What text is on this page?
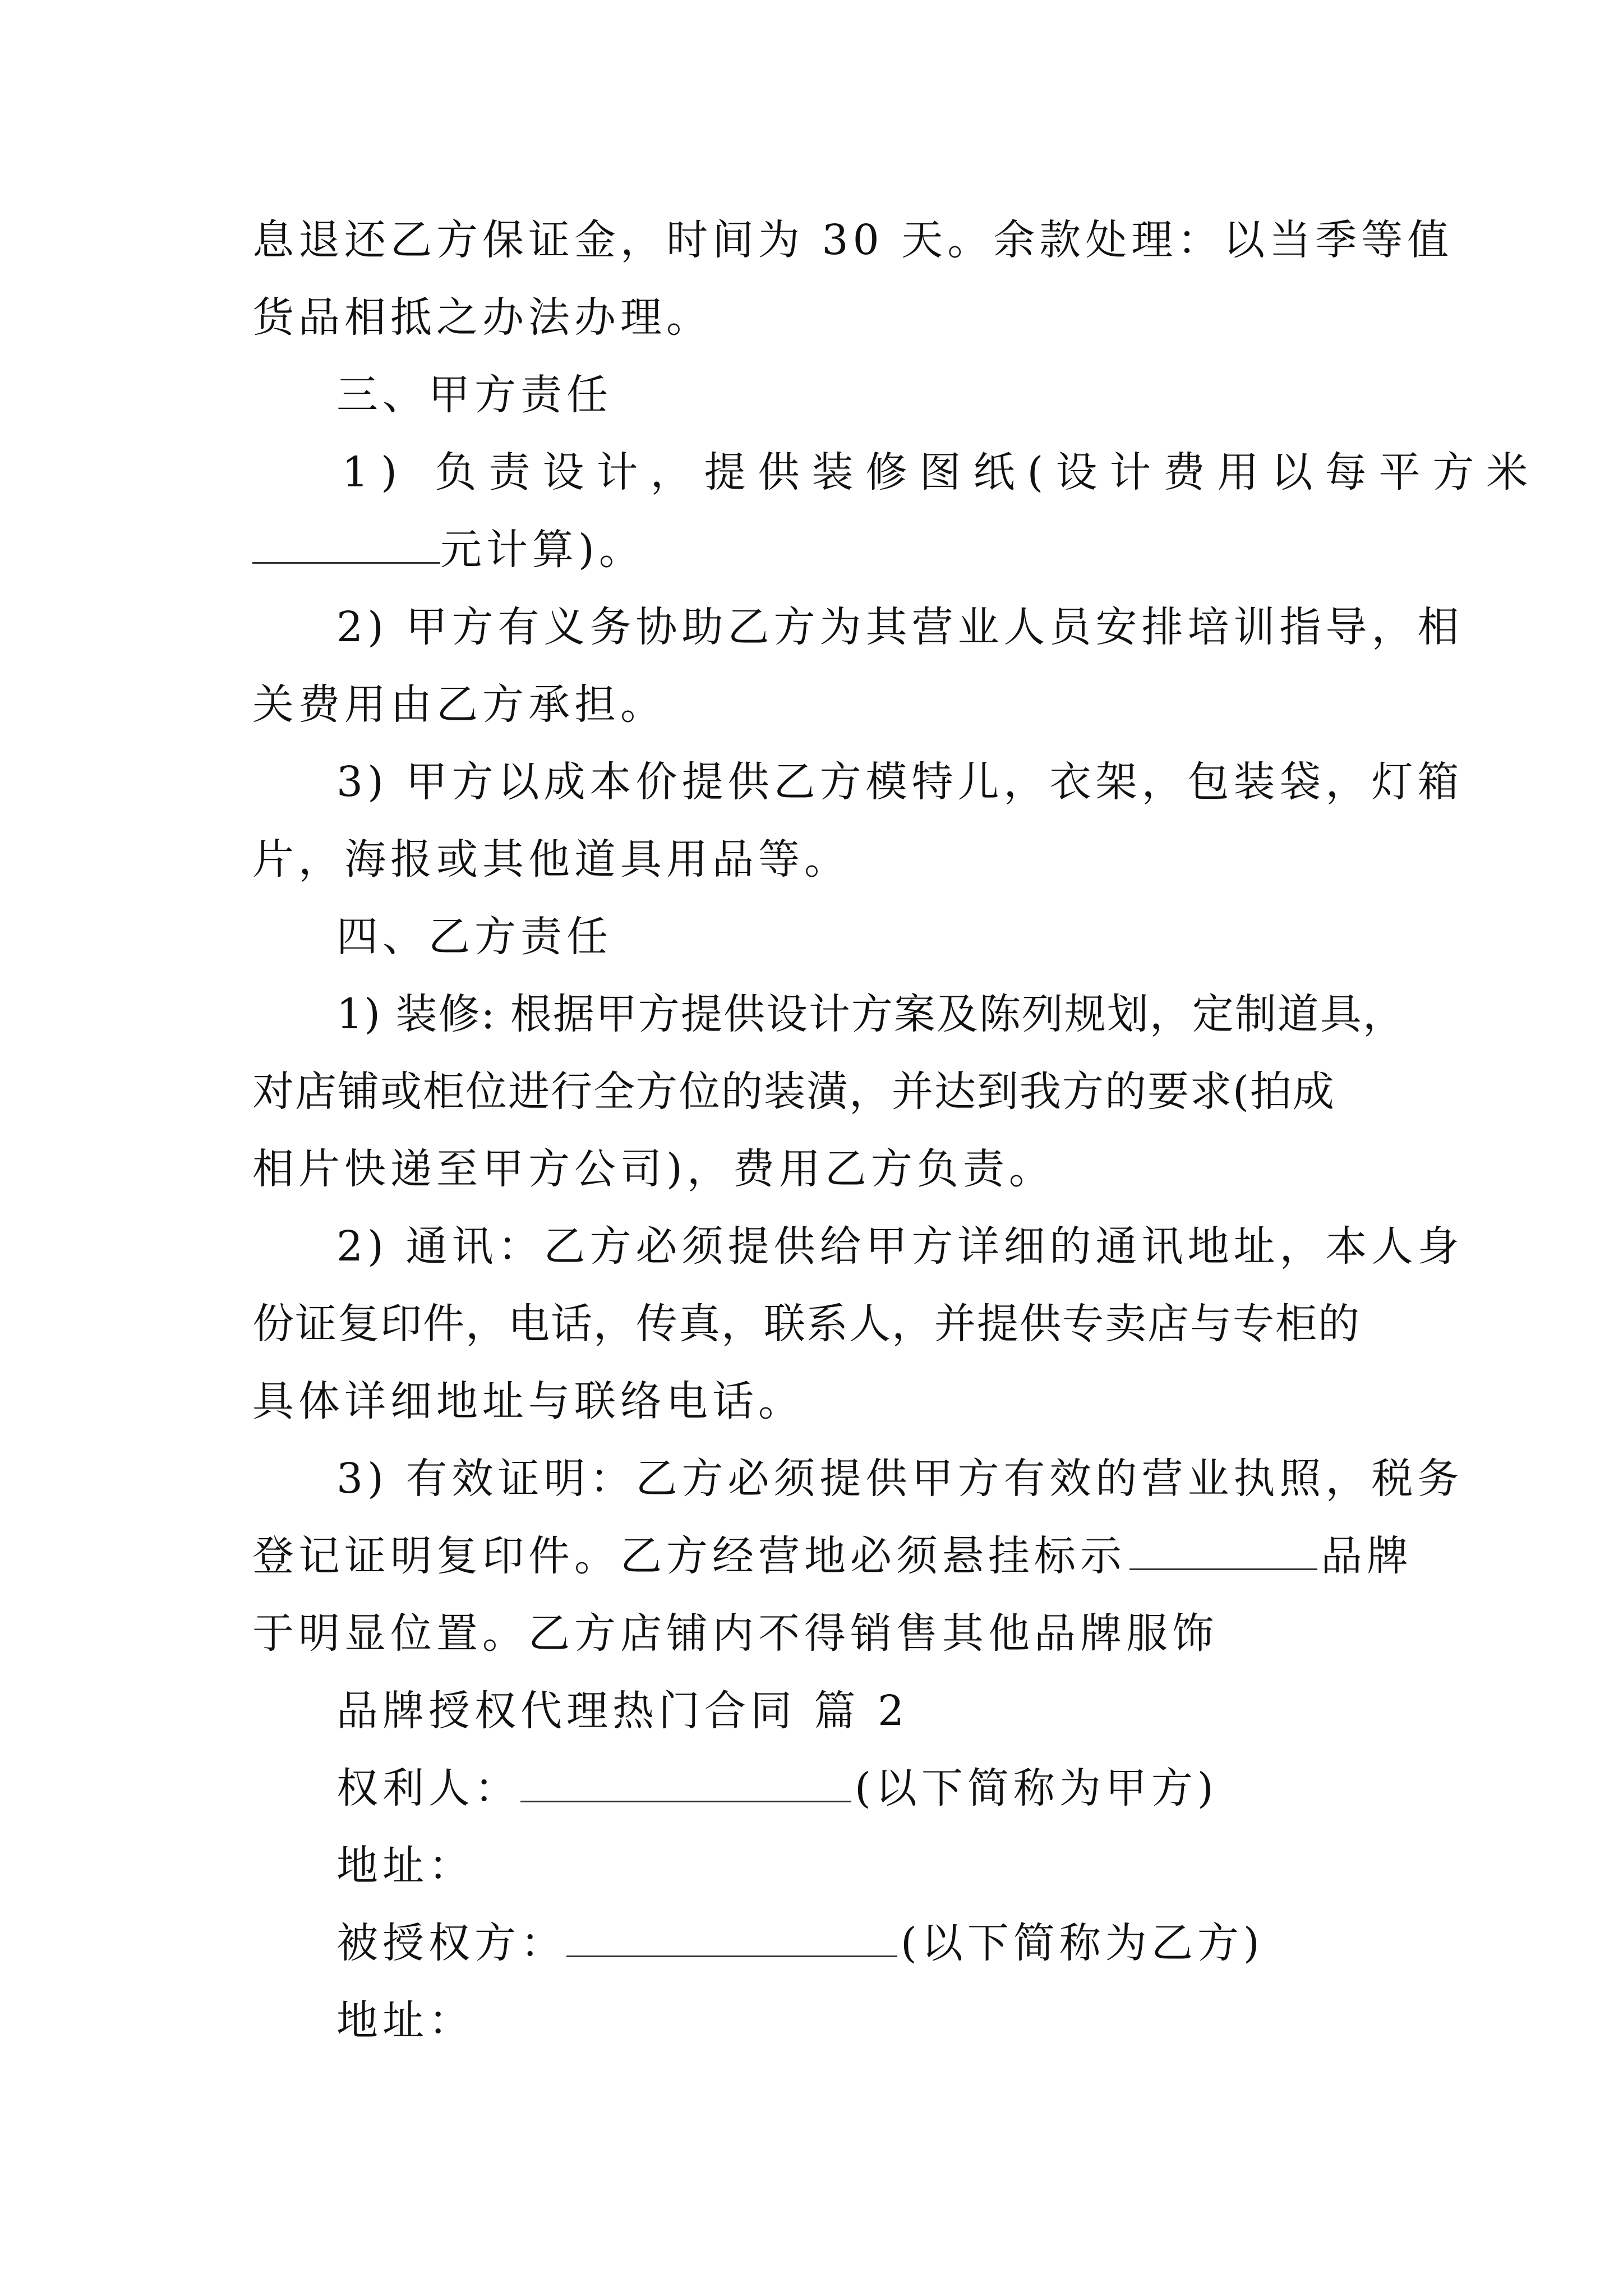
息退还乙方保证金，时间为 30 天。余款处理：以当季等值
货品相抵之办法办理。
三、甲方责任
1) 负责设计，提供装修图纸(设计费用以每平方米
元计算)。
2) 甲方有义务协助乙方为其营业人员安排培训指导，相
关费用由乙方承担。
3) 甲方以成本价提供乙方模特儿，衣架，包装袋，灯箱
片，海报或其他道具用品等。
四、乙方责任
1) 装修: 根据甲方提供设计方案及陈列规划，定制道具，
对店铺或柜位进行全方位的装潢，并达到我方的要求(拍成
相片快递至甲方公司)，费用乙方负责。
2) 通讯：乙方必须提供给甲方详细的通讯地址，本人身
份证复印件，电话，传真，联系人，并提供专卖店与专柜的
具体详细地址与联络电话。
3) 有效证明：乙方必须提供甲方有效的营业执照，税务
登记证明复印件。乙方经营地必须悬挂标示	品牌
于明显位置。乙方店铺内不得销售其他品牌服饰
品牌授权代理热门合同 篇 2
权利人：	(以下简称为甲方)
地址：
被授权方：	(以下简称为乙方)
地址：
